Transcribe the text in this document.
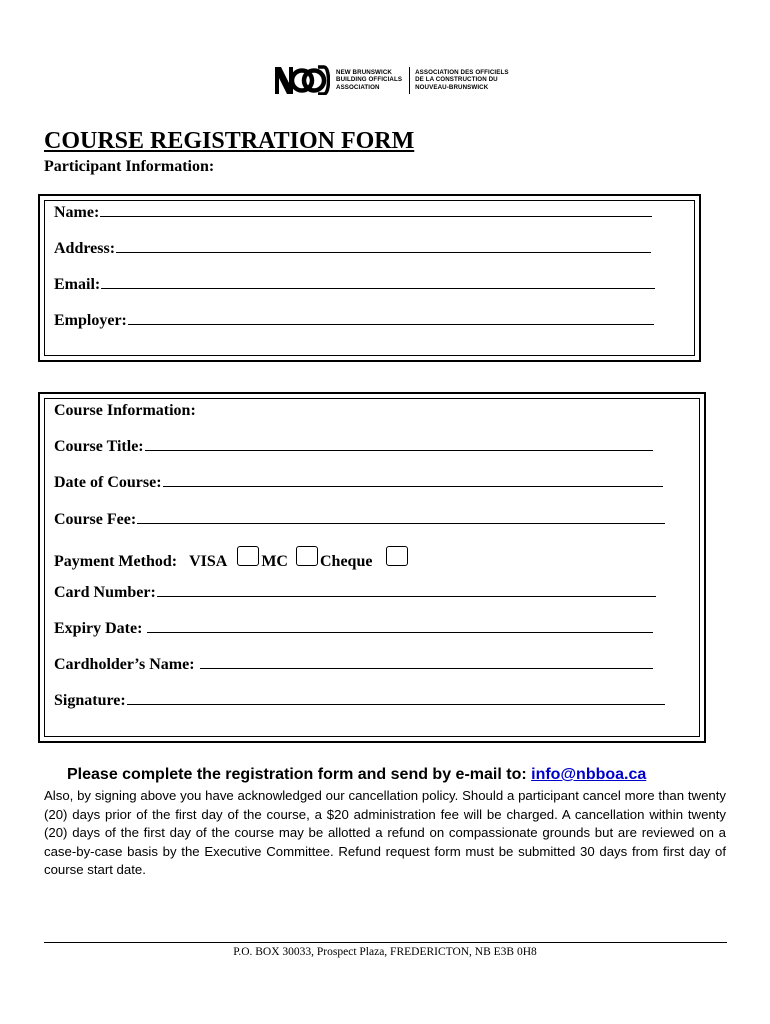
NEW BRUNSWICK
BUILDING OFFICIALS
ASSOCIATION
ASSOCIATION DES OFFICIELS
DE LA CONSTRUCTION DU
NOUVEAU-BRUNSWICK
COURSE REGISTRATION FORM
Participant Information:
Name:
Address:
Email:
Employer:
Course Information:
Course Title:
Date of Course:
Course Fee:
Payment Method: VISA MC Cheque
Card Number:
Expiry Date:
Cardholder’s Name:
Signature:
Please complete the registration form and send by e-mail to: info@nbboa.ca
Also, by signing above you have acknowledged our cancellation policy. Should a participant cancel more than twenty (20) days prior of the first day of the course, a $20 administration fee will be charged. A cancellation within twenty (20) days of the first day of the course may be allotted a refund on compassionate grounds but are reviewed on a case-by-case basis by the Executive Committee. Refund request form must be submitted 30 days from first day of course start date.
P.O. BOX 30033, Prospect Plaza, FREDERICTON, NB E3B 0H8
